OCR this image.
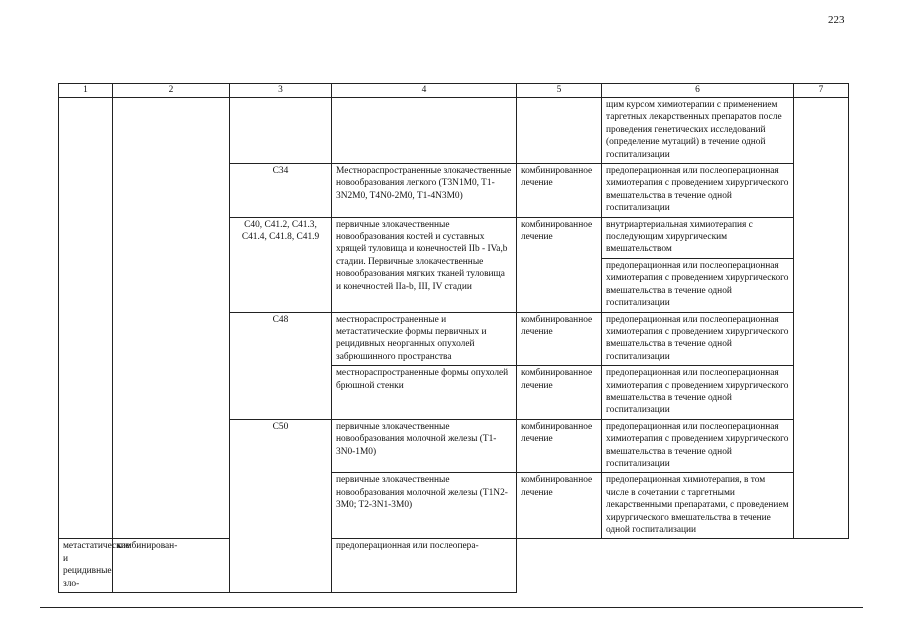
223
1	2	3	4	5	6	7
					щим курсом химиотерапии с применением таргетных лекарственных препаратов после проведения генетических исследований (определение мутаций) в течение одной госпитализации	
		C34	Местнораспространенные злокачественные новообразования легкого (T3N1M0, T1-3N2M0, T4N0-2M0, T1-4N3M0)	комбинированное лечение	предоперационная или послеоперационная химиотерапия с проведением хирургического вмешательства в течение одной госпитализации	
		C40, C41.2, C41.3, C41.4, C41.8, C41.9	первичные злокачественные новообразования костей и суставных хрящей туловища и конечностей IIb - IVa,b стадии. Первичные злокачественные новообразования мягких тканей туловища и конечностей IIa-b, III, IV стадии	комбинированное лечение	внутриартериальная химиотерапия с последующим хирургическим вмешательством	
					предоперационная или послеоперационная химиотерапия с проведением хирургического вмешательства в течение одной госпитализации	
		C48	местнораспространенные и метастатические формы первичных и рецидивных неорганных опухолей забрюшинного пространства	комбинированное лечение	предоперационная или послеоперационная химиотерапия с проведением хирургического вмешательства в течение одной госпитализации	
			местнораспространенные формы опухолей брюшной стенки	комбинированное лечение	предоперационная или послеоперационная химиотерапия с проведением хирургического вмешательства в течение одной госпитализации	
		C50	первичные злокачественные новообразования молочной железы (T1-3N0-1M0)	комбинированное лечение	предоперационная или послеоперационная химиотерапия с проведением хирургического вмешательства в течение одной госпитализации	
			первичные злокачественные новообразования молочной железы (T1N2-3M0; T2-3N1-3M0)	комбинированное лечение	предоперационная химиотерапия, в том числе в сочетании с таргетными лекарственными препаратами, с проведением хирургического вмешательства в течение одной госпитализации	
метастатические и рецидивные зло-	комбинирован-		предоперационная или послеопера-			
